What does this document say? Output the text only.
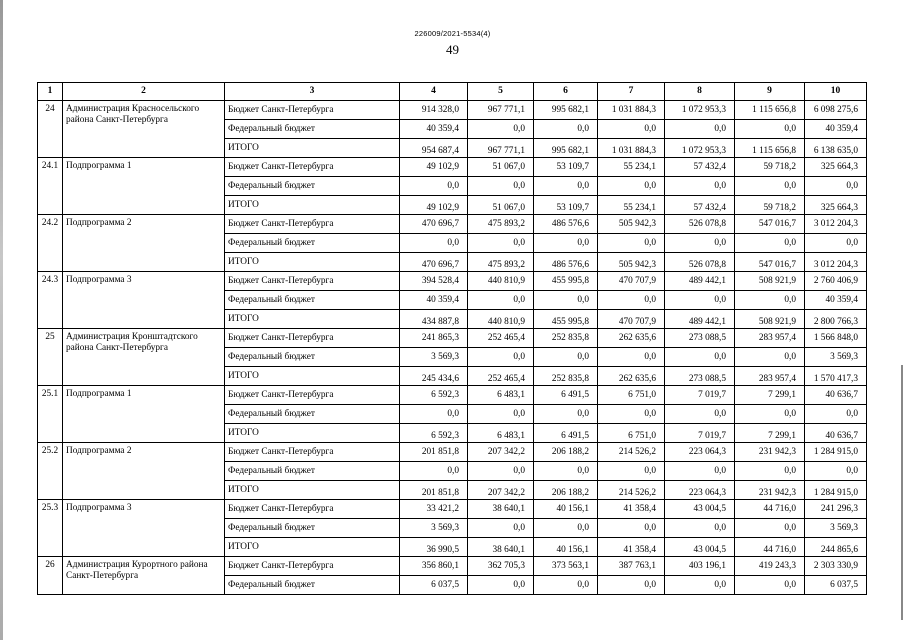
226009/2021-5534(4)
49
1	2	3	4	5	6	7	8	9	10
24	Администрация Красносельского района Санкт-Петербурга	Бюджет Санкт-Петербурга	914 328,0	967 771,1	995 682,1	1 031 884,3	1 072 953,3	1 115 656,8	6 098 275,6
		Федеральный бюджет	40 359,4	0,0	0,0	0,0	0,0	0,0	40 359,4
		ИТОГО	954 687,4	967 771,1	995 682,1	1 031 884,3	1 072 953,3	1 115 656,8	6 138 635,0
24.1	Подпрограмма 1	Бюджет Санкт-Петербурга	49 102,9	51 067,0	53 109,7	55 234,1	57 432,4	59 718,2	325 664,3
		Федеральный бюджет	0,0	0,0	0,0	0,0	0,0	0,0	0,0
		ИТОГО	49 102,9	51 067,0	53 109,7	55 234,1	57 432,4	59 718,2	325 664,3
24.2	Подпрограмма 2	Бюджет Санкт-Петербурга	470 696,7	475 893,2	486 576,6	505 942,3	526 078,8	547 016,7	3 012 204,3
		Федеральный бюджет	0,0	0,0	0,0	0,0	0,0	0,0	0,0
		ИТОГО	470 696,7	475 893,2	486 576,6	505 942,3	526 078,8	547 016,7	3 012 204,3
24.3	Подпрограмма 3	Бюджет Санкт-Петербурга	394 528,4	440 810,9	455 995,8	470 707,9	489 442,1	508 921,9	2 760 406,9
		Федеральный бюджет	40 359,4	0,0	0,0	0,0	0,0	0,0	40 359,4
		ИТОГО	434 887,8	440 810,9	455 995,8	470 707,9	489 442,1	508 921,9	2 800 766,3
25	Администрация Кронштадтского района Санкт-Петербурга	Бюджет Санкт-Петербурга	241 865,3	252 465,4	252 835,8	262 635,6	273 088,5	283 957,4	1 566 848,0
		Федеральный бюджет	3 569,3	0,0	0,0	0,0	0,0	0,0	3 569,3
		ИТОГО	245 434,6	252 465,4	252 835,8	262 635,6	273 088,5	283 957,4	1 570 417,3
25.1	Подпрограмма 1	Бюджет Санкт-Петербурга	6 592,3	6 483,1	6 491,5	6 751,0	7 019,7	7 299,1	40 636,7
		Федеральный бюджет	0,0	0,0	0,0	0,0	0,0	0,0	0,0
		ИТОГО	6 592,3	6 483,1	6 491,5	6 751,0	7 019,7	7 299,1	40 636,7
25.2	Подпрограмма 2	Бюджет Санкт-Петербурга	201 851,8	207 342,2	206 188,2	214 526,2	223 064,3	231 942,3	1 284 915,0
		Федеральный бюджет	0,0	0,0	0,0	0,0	0,0	0,0	0,0
		ИТОГО	201 851,8	207 342,2	206 188,2	214 526,2	223 064,3	231 942,3	1 284 915,0
25.3	Подпрограмма 3	Бюджет Санкт-Петербурга	33 421,2	38 640,1	40 156,1	41 358,4	43 004,5	44 716,0	241 296,3
		Федеральный бюджет	3 569,3	0,0	0,0	0,0	0,0	0,0	3 569,3
		ИТОГО	36 990,5	38 640,1	40 156,1	41 358,4	43 004,5	44 716,0	244 865,6
26	Администрация Курортного района Санкт-Петербурга	Бюджет Санкт-Петербурга	356 860,1	362 705,3	373 563,1	387 763,1	403 196,1	419 243,3	2 303 330,9
		Федеральный бюджет	6 037,5	0,0	0,0	0,0	0,0	0,0	6 037,5
